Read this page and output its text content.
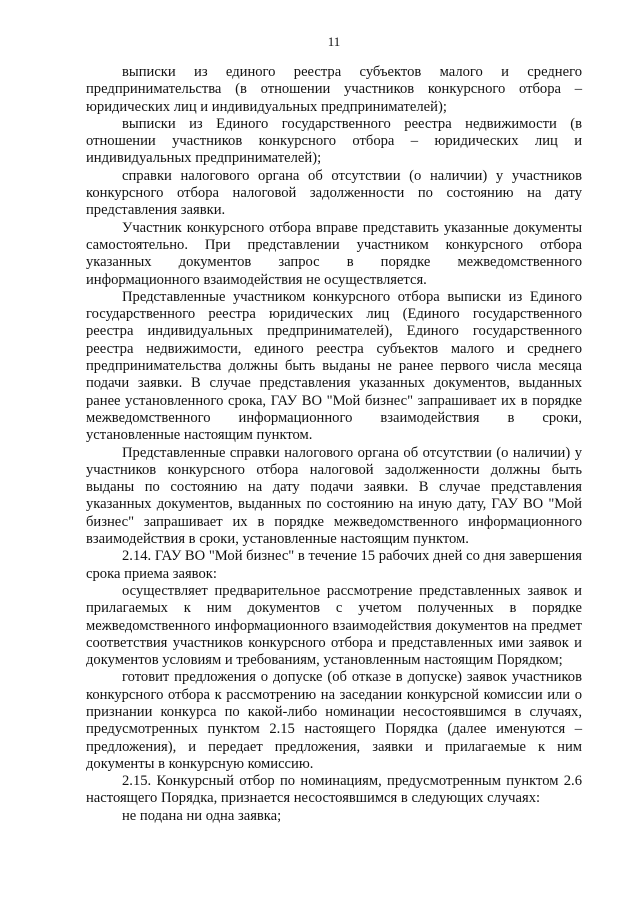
11

выписки из единого реестра субъектов малого и среднего предпринимательства (в отношении участников конкурсного отбора – юридических лиц и индивидуальных предпринимателей);

выписки из Единого государственного реестра недвижимости (в отношении участников конкурсного отбора – юридических лиц и индивидуальных предпринимателей);

справки налогового органа об отсутствии (о наличии) у участников конкурсного отбора налоговой задолженности по состоянию на дату представления заявки.

Участник конкурсного отбора вправе представить указанные документы самостоятельно. При представлении участником конкурсного отбора указанных документов запрос в порядке межведомственного информационного взаимодействия не осуществляется.

Представленные участником конкурсного отбора выписки из Единого государственного реестра юридических лиц (Единого государственного реестра индивидуальных предпринимателей), Единого государственного реестра недвижимости, единого реестра субъектов малого и среднего предпринимательства должны быть выданы не ранее первого числа месяца подачи заявки. В случае представления указанных документов, выданных ранее установленного срока, ГАУ ВО "Мой бизнес" запрашивает их в порядке межведомственного информационного взаимодействия в сроки, установленные настоящим пунктом.

Представленные справки налогового органа об отсутствии (о наличии) у участников конкурсного отбора налоговой задолженности должны быть выданы по состоянию на дату подачи заявки. В случае представления указанных документов, выданных по состоянию на иную дату, ГАУ ВО "Мой бизнес" запрашивает их в порядке межведомственного информационного взаимодействия в сроки, установленные настоящим пунктом.

2.14. ГАУ ВО "Мой бизнес" в течение 15 рабочих дней со дня завершения срока приема заявок:

осуществляет предварительное рассмотрение представленных заявок и прилагаемых к ним документов с учетом полученных в порядке межведомственного информационного взаимодействия документов на предмет соответствия участников конкурсного отбора и представленных ими заявок и документов условиям и требованиям, установленным настоящим Порядком;

готовит предложения о допуске (об отказе в допуске) заявок участников конкурсного отбора к рассмотрению на заседании конкурсной комиссии или о признании конкурса по какой-либо номинации несостоявшимся в случаях, предусмотренных пунктом 2.15 настоящего Порядка (далее именуются – предложения), и передает предложения, заявки и прилагаемые к ним документы в конкурсную комиссию.

2.15. Конкурсный отбор по номинациям, предусмотренным пунктом 2.6 настоящего Порядка, признается несостоявшимся в следующих случаях:

не подана ни одна заявка;
